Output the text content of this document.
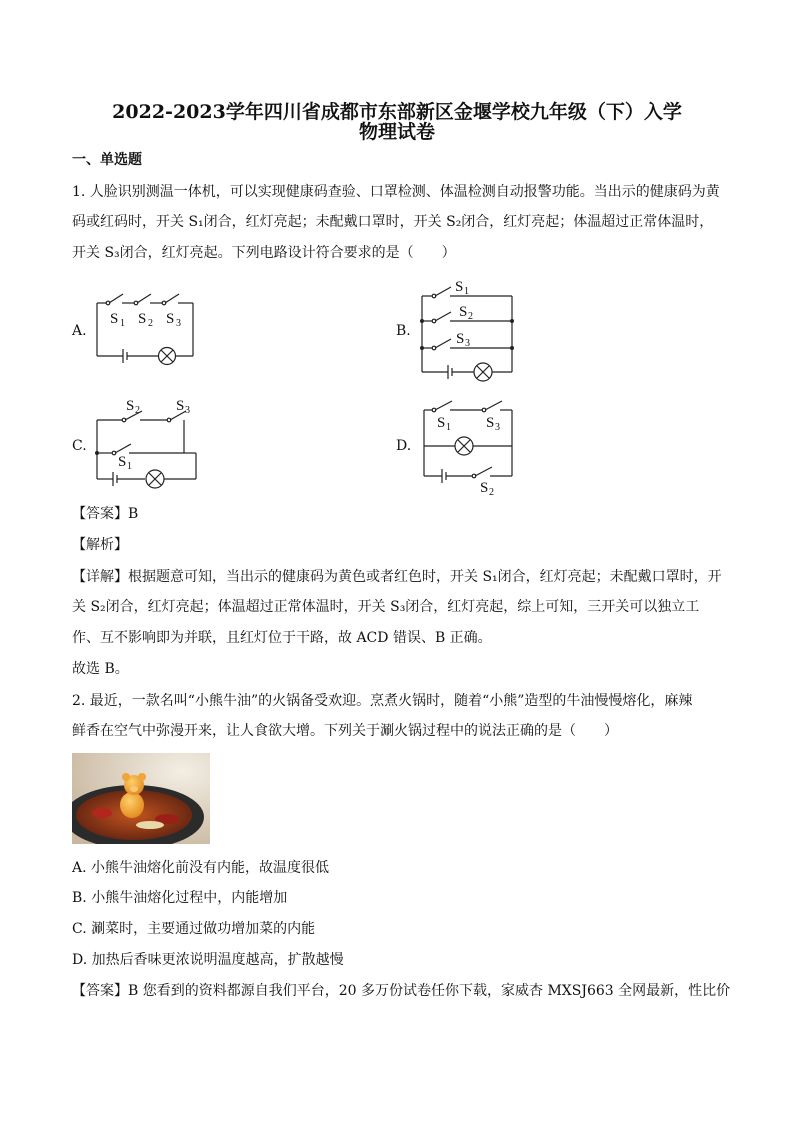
2022-2023学年四川省成都市东部新区金堰学校九年级（下）入学
物理试卷
一、单选题
1. 人脸识别测温一体机，可以实现健康码查验、口罩检测、体温检测自动报警功能。当出示的健康码为黄
码或红码时，开关 S₁闭合，红灯亮起；未配戴口罩时，开关 S₂闭合，红灯亮起；体温超过正常体温时，
开关 S₃闭合，红灯亮起。下列电路设计符合要求的是（　　）
A.
S 1 S 2 S 3	B.
S 1
S 2
S 3
C.
S 2 S 3
S 1
D.
S 1 S 3
S 2
【答案】B
【解析】
【详解】根据题意可知，当出示的健康码为黄色或者红色时，开关 S₁闭合，红灯亮起；未配戴口罩时，开
关 S₂闭合，红灯亮起；体温超过正常体温时，开关 S₃闭合，红灯亮起，综上可知，三开关可以独立工
作、互不影响即为并联，且红灯位于干路，故 ACD 错误、B 正确。
故选 B。
2. 最近，一款名叫“小熊牛油”的火锅备受欢迎。烹煮火锅时，随着“小熊”造型的牛油慢慢熔化，麻辣
鲜香在空气中弥漫开来，让人食欲大增。下列关于涮火锅过程中的说法正确的是（　　）
A. 小熊牛油熔化前没有内能，故温度很低
B. 小熊牛油熔化过程中，内能增加
C. 涮菜时，主要通过做功增加菜的内能
D. 加热后香味更浓说明温度越高，扩散越慢
【答案】B 您看到的资料都源自我们平台，20 多万份试卷任你下载，家威杏 MXSJ663 全网最新，性比价
